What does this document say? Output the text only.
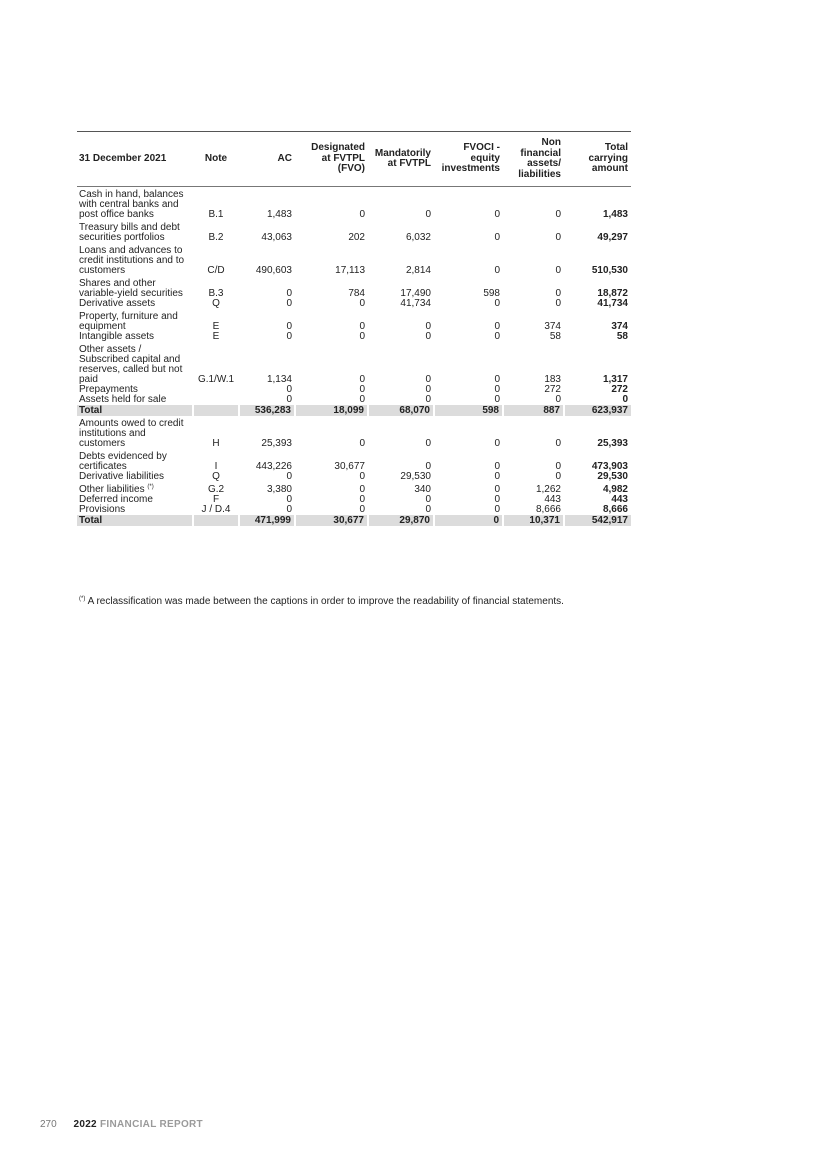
31 December 2021	Note	AC	Designated
at FVTPL
(FVO)	Mandatorily
at FVTPL	FVOCI -
equity
investments	Non
financial
assets/
liabilities	Total
carrying
amount

Cash in hand, balances
with central banks and
post office banks	B.1	1,483	0	0	0	0	1,483
Treasury bills and debt
securities portfolios	B.2	43,063	202	6,032	0	0	49,297
Loans and advances to
credit institutions and to
customers	C/D	490,603	17,113	2,814	0	0	510,530
Shares and other
variable-yield securities	B.3	0	784	17,490	598	0	18,872
Derivative assets	Q	0	0	41,734	0	0	41,734
Property, furniture and
equipment	E	0	0	0	0	374	374
Intangible assets	E	0	0	0	0	58	58
Other assets /
Subscribed capital and
reserves, called but not
paid	G.1/W.1	1,134	0	0	0	183	1,317
Prepayments		0	0	0	0	272	272
Assets held for sale		0	0	0	0	0	0
Total		536,283	18,099	68,070	598	887	623,937
Amounts owed to credit
institutions and
customers	H	25,393	0	0	0	0	25,393
Debts evidenced by
certificates	I	443,226	30,677	0	0	0	473,903
Derivative liabilities	Q	0	0	29,530	0	0	29,530
Other liabilities (*)	G.2	3,380	0	340	0	1,262	4,982
Deferred income	F	0	0	0	0	443	443
Provisions	J / D.4	0	0	0	0	8,666	8,666
Total		471,999	30,677	29,870	0	10,371	542,917
(*) A reclassification was made between the captions in order to improve the readability of financial statements.
270 2022 FINANCIAL REPORT
